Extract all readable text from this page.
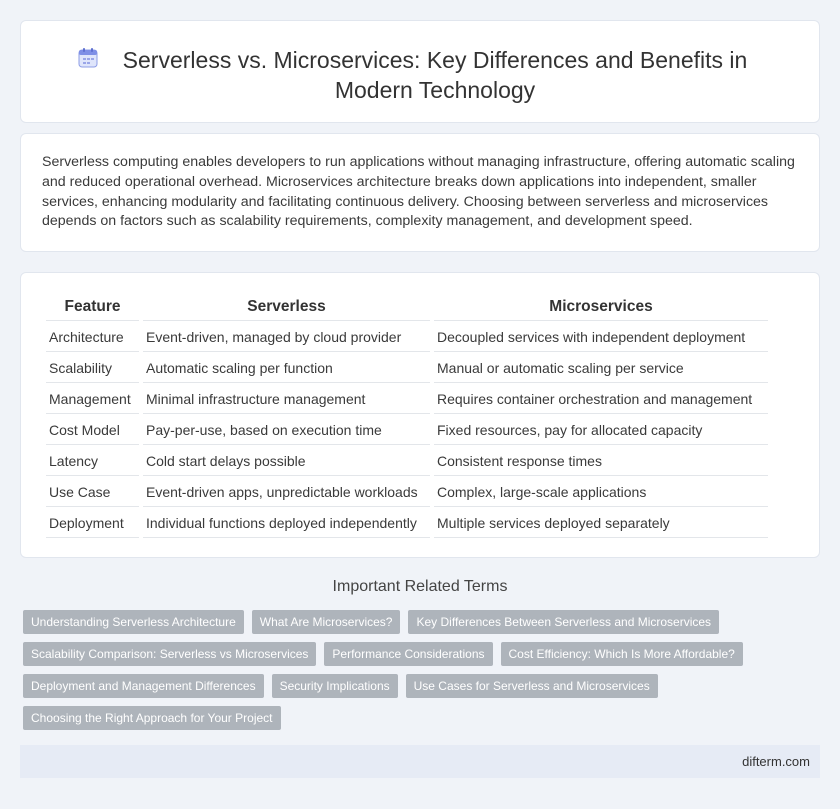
Serverless vs. Microservices: Key Differences and Benefits in Modern Technology

Serverless computing enables developers to run applications without managing infrastructure, offering automatic scaling and reduced operational overhead. Microservices architecture breaks down applications into independent, smaller services, enhancing modularity and facilitating continuous delivery. Choosing between serverless and microservices depends on factors such as scalability requirements, complexity management, and development speed.

Feature	Serverless	Microservices
Architecture	Event-driven, managed by cloud provider	Decoupled services with independent deployment
Scalability	Automatic scaling per function	Manual or automatic scaling per service
Management	Minimal infrastructure management	Requires container orchestration and management
Cost Model	Pay-per-use, based on execution time	Fixed resources, pay for allocated capacity
Latency	Cold start delays possible	Consistent response times
Use Case	Event-driven apps, unpredictable workloads	Complex, large-scale applications
Deployment	Individual functions deployed independently	Multiple services deployed separately
Important Related Terms
Understanding Serverless Architecture	What Are Microservices?	Key Differences Between Serverless and Microservices
Scalability Comparison: Serverless vs Microservices	Performance Considerations	Cost Efficiency: Which Is More Affordable?
Deployment and Management Differences	Security Implications	Use Cases for Serverless and Microservices
Choosing the Right Approach for Your Project
difterm.com
